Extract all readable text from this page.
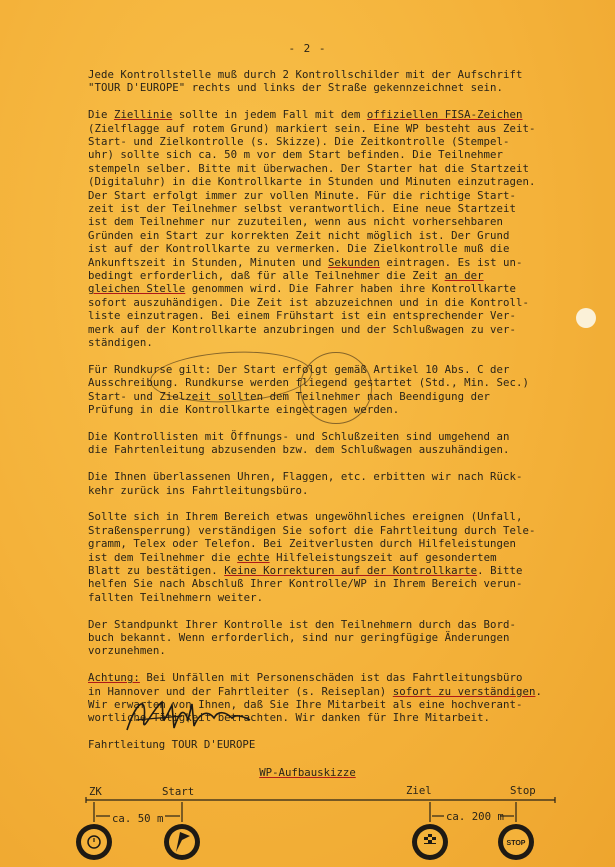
- 2 -
Jede Kontrollstelle muß durch 2 Kontrollschilder mit der Aufschrift
"TOUR D'EUROPE" rechts und links der Straße gekennzeichnet sein.
Die Ziellinie sollte in jedem Fall mit dem offiziellen FISA-Zeichen
(Zielflagge auf rotem Grund) markiert sein. Eine WP besteht aus Zeit-
Start- und Zielkontrolle (s. Skizze). Die Zeitkontrolle (Stempel-
uhr) sollte sich ca. 50 m vor dem Start befinden. Die Teilnehmer
stempeln selber. Bitte mit überwachen. Der Starter hat die Startzeit
(Digitaluhr) in die Kontrollkarte in Stunden und Minuten einzutragen.
Der Start erfolgt immer zur vollen Minute. Für die richtige Start-
zeit ist der Teilnehmer selbst verantwortlich. Eine neue Startzeit
ist dem Teilnehmer nur zuzuteilen, wenn aus nicht vorhersehbaren
Gründen ein Start zur korrekten Zeit nicht möglich ist. Der Grund
ist auf der Kontrollkarte zu vermerken. Die Zielkontrolle muß die
Ankunftszeit in Stunden, Minuten und Sekunden eintragen. Es ist un-
bedingt erforderlich, daß für alle Teilnehmer die Zeit an der
gleichen Stelle genommen wird. Die Fahrer haben ihre Kontrollkarte
sofort auszuhändigen. Die Zeit ist abzuzeichnen und in die Kontroll-
liste einzutragen. Bei einem Frühstart ist ein entsprechender Ver-
merk auf der Kontrollkarte anzubringen und der Schlußwagen zu ver-
ständigen.
Für Rundkurse gilt: Der Start erfolgt gemäß Artikel 10 Abs. C der
Ausschreibung. Rundkurse werden fliegend gestartet (Std., Min. Sec.)
Start- und Zielzeit sollten dem Teilnehmer nach Beendigung der
Prüfung in die Kontrollkarte eingetragen werden.
Die Kontrollisten mit Öffnungs- und Schlußzeiten sind umgehend an
die Fahrtenleitung abzusenden bzw. dem Schlußwagen auszuhändigen.
Die Ihnen überlassenen Uhren, Flaggen, etc. erbitten wir nach Rück-
kehr zurück ins Fahrtleitungsbüro.
Sollte sich in Ihrem Bereich etwas ungewöhnliches ereignen (Unfall,
Straßensperrung) verständigen Sie sofort die Fahrtleitung durch Tele-
gramm, Telex oder Telefon. Bei Zeitverlusten durch Hilfeleistungen
ist dem Teilnehmer die echte Hilfeleistungszeit auf gesondertem
Blatt zu bestätigen. Keine Korrekturen auf der Kontrollkarte. Bitte
helfen Sie nach Abschluß Ihrer Kontrolle/WP in Ihrem Bereich verun-
fallten Teilnehmern weiter.
Der Standpunkt Ihrer Kontrolle ist den Teilnehmern durch das Bord-
buch bekannt. Wenn erforderlich, sind nur geringfügige Änderungen
vorzunehmen.
Achtung: Bei Unfällen mit Personenschäden ist das Fahrtleitungsbüro
in Hannover und der Fahrtleiter (s. Reiseplan) sofort zu verständigen.
Wir erwarten von Ihnen, daß Sie Ihre Mitarbeit als eine hochverant-
wortliche Tätigkeit betrachten. Wir danken für Ihre Mitarbeit.
Fahrtleitung TOUR D'EUROPE
WP-Aufbauskizze
ZK	Start	Ziel	Stop
ca. 50 m	ca. 200 m
STOP
